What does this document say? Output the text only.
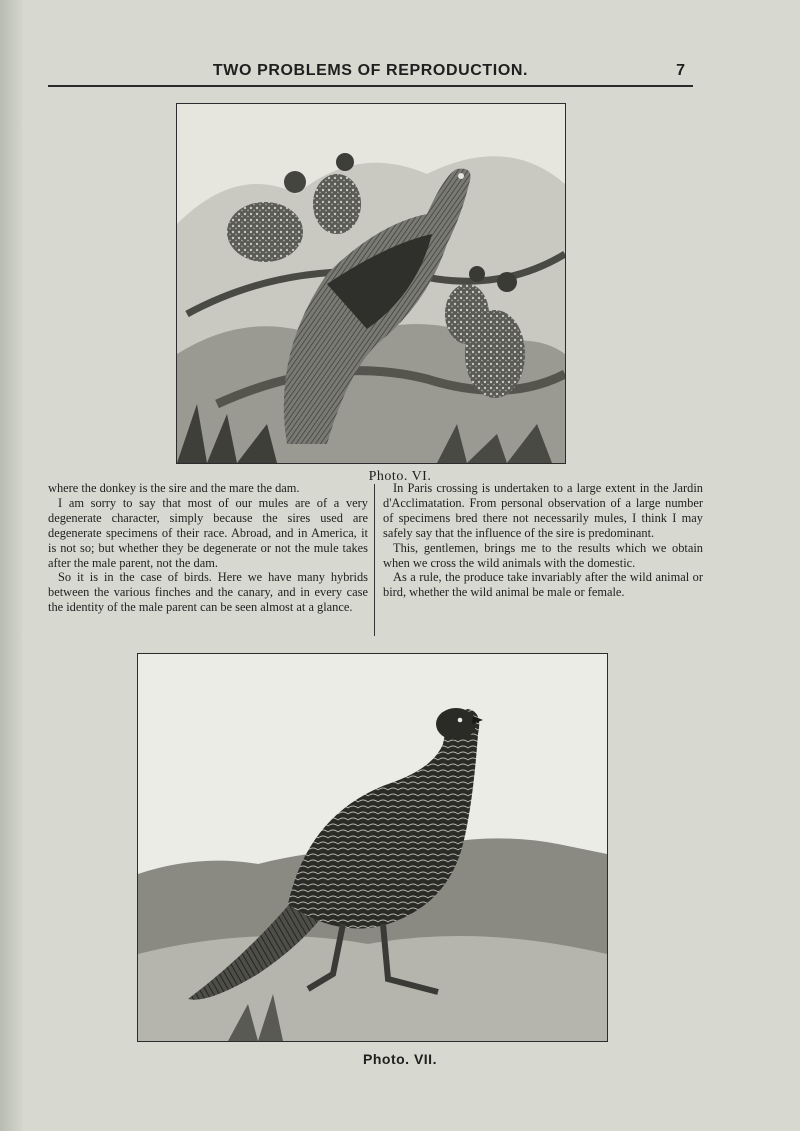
TWO PROBLEMS OF REPRODUCTION.	7
Photo. VI.

where the donkey is the sire and the mare the dam.

I am sorry to say that most of our mules are of a very degenerate character, simply because the sires used are degenerate specimens of their race. Abroad, and in America, it is not so; but whether they be degenerate or not the mule takes after the male parent, not the dam.

So it is in the case of birds. Here we have many hybrids between the various finches and the canary, and in every case the identity of the male parent can be seen almost at a glance.

In Paris crossing is undertaken to a large extent in the Jardin d'Acclimatation. From personal observation of a large number of specimens bred there not necessarily mules, I think I may safely say that the influence of the sire is predominant.

This, gentlemen, brings me to the results which we obtain when we cross the wild animals with the domestic.

As a rule, the produce take invariably after the wild animal or bird, whether the wild animal be male or female.

Photo. VII.
